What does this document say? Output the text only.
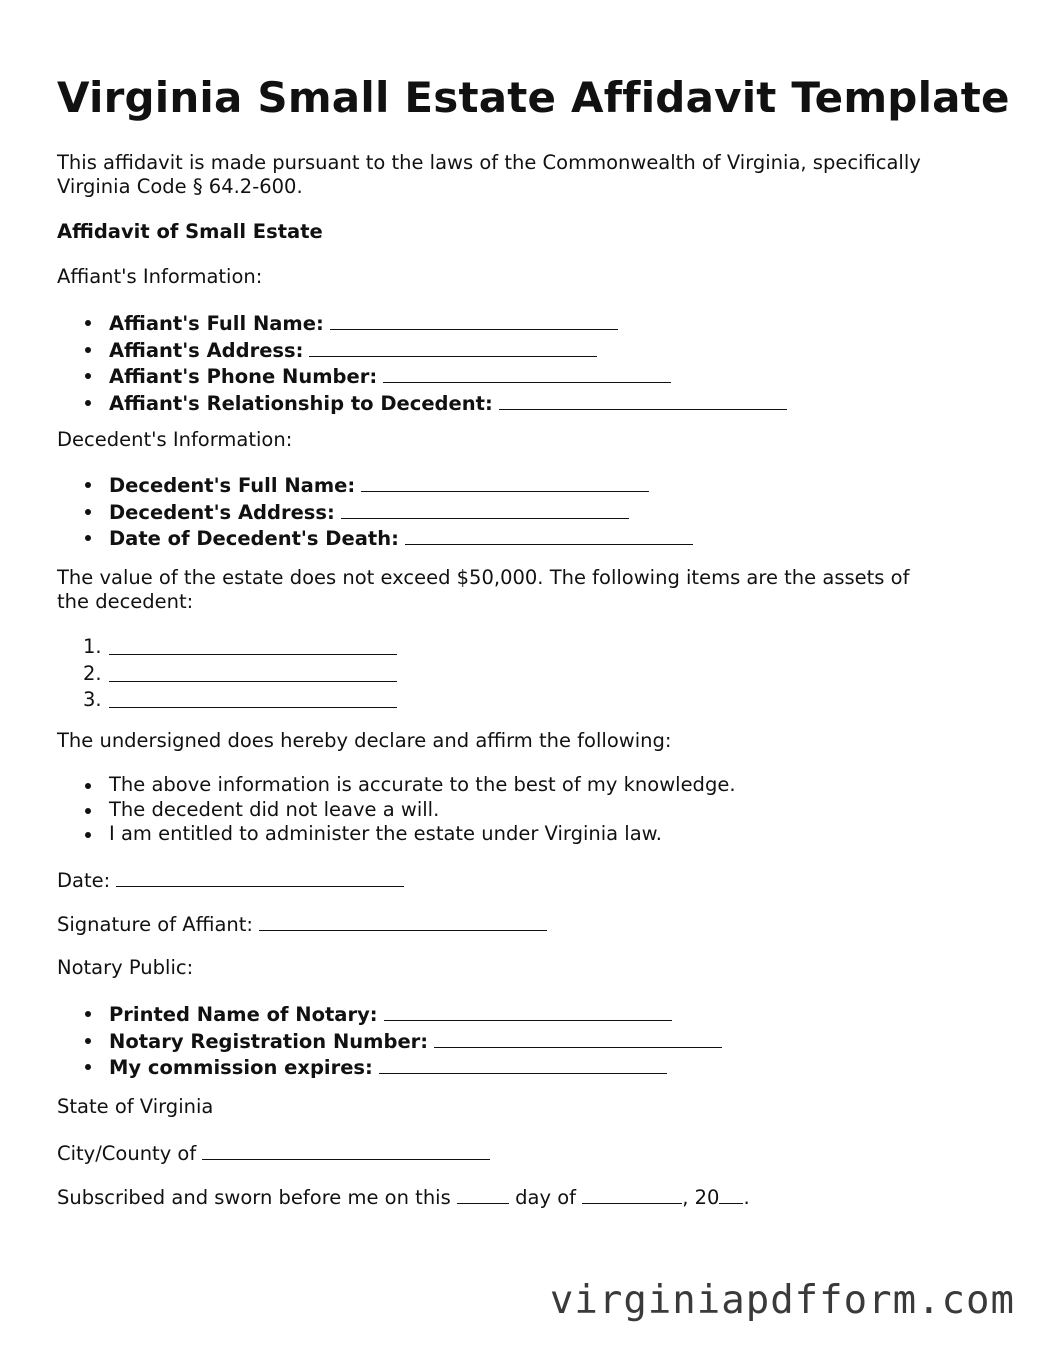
Virginia Small Estate Affidavit Template

This affidavit is made pursuant to the laws of the Commonwealth of Virginia, specifically

Virginia Code § 64.2-600.

Affidavit of Small Estate

Affiant's Information:

Affiant's Full Name:
Affiant's Address:
Affiant's Phone Number:
Affiant's Relationship to Decedent:

Decedent's Information:

Decedent's Full Name:
Decedent's Address:
Date of Decedent's Death:

The value of the estate does not exceed $50,000. The following items are the assets of

the decedent:

1.
2.
3.

The undersigned does hereby declare and affirm the following:

The above information is accurate to the best of my knowledge.
The decedent did not leave a will.
I am entitled to administer the estate under Virginia law.

Date:

Signature of Affiant:

Notary Public:

Printed Name of Notary:
Notary Registration Number:
My commission expires:

State of Virginia

City/County of

Subscribed and sworn before me on this	day of	, 20 .

virginiapdfform.com
